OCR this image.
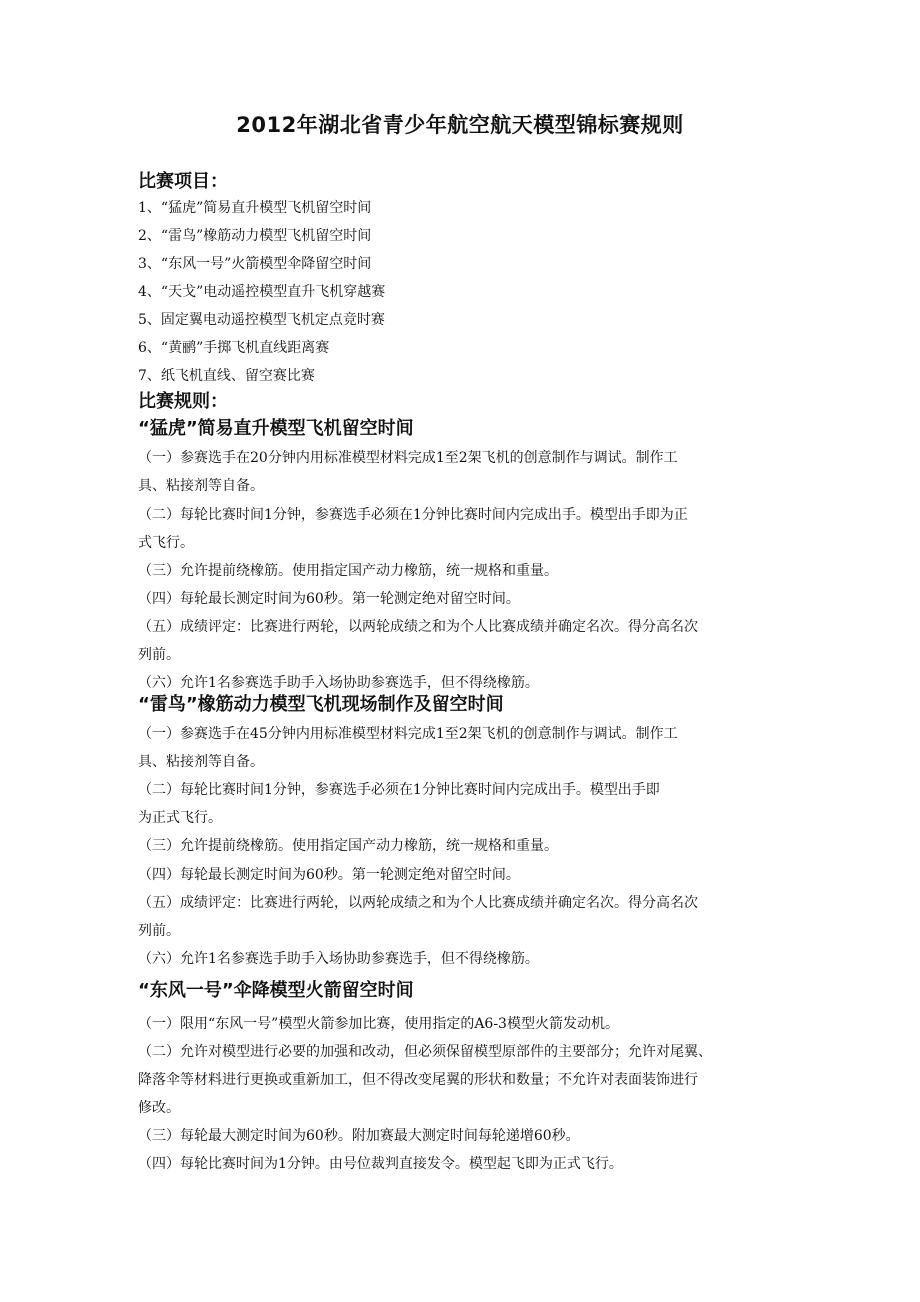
2012年湖北省青少年航空航天模型锦标赛规则
比赛项目：
1、“猛虎”简易直升模型飞机留空时间
2、“雷鸟”橡筋动力模型飞机留空时间
3、“东风一号”火箭模型伞降留空时间
4、“天戈”电动遥控模型直升飞机穿越赛
5、固定翼电动遥控模型飞机定点竞时赛
6、“黄鹂”手掷飞机直线距离赛
7、纸飞机直线、留空赛比赛
比赛规则：
“猛虎”简易直升模型飞机留空时间
（一）参赛选手在20分钟内用标准模型材料完成1至2架飞机的创意制作与调试。制作工
具、粘接剂等自备。
（二）每轮比赛时间1分钟，参赛选手必须在1分钟比赛时间内完成出手。模型出手即为正
式飞行。
（三）允许提前绕橡筋。使用指定国产动力橡筋，统一规格和重量。
（四）每轮最长测定时间为60秒。第一轮测定绝对留空时间。
（五）成绩评定：比赛进行两轮，以两轮成绩之和为个人比赛成绩并确定名次。得分高名次
列前。
（六）允许1名参赛选手助手入场协助参赛选手，但不得绕橡筋。
“雷鸟”橡筋动力模型飞机现场制作及留空时间
（一）参赛选手在45分钟内用标准模型材料完成1至2架飞机的创意制作与调试。制作工
具、粘接剂等自备。
（二）每轮比赛时间1分钟，参赛选手必须在1分钟比赛时间内完成出手。模型出手即
为正式飞行。
（三）允许提前绕橡筋。使用指定国产动力橡筋，统一规格和重量。
（四）每轮最长测定时间为60秒。第一轮测定绝对留空时间。
（五）成绩评定：比赛进行两轮，以两轮成绩之和为个人比赛成绩并确定名次。得分高名次
列前。
（六）允许1名参赛选手助手入场协助参赛选手，但不得绕橡筋。
“东风一号”伞降模型火箭留空时间
（一）限用“东风一号”模型火箭参加比赛，使用指定的A6-3模型火箭发动机。
（二）允许对模型进行必要的加强和改动，但必须保留模型原部件的主要部分；允许对尾翼、
降落伞等材料进行更换或重新加工，但不得改变尾翼的形状和数量；不允许对表面装饰进行
修改。
（三）每轮最大测定时间为60秒。附加赛最大测定时间每轮递增60秒。
（四）每轮比赛时间为1分钟。由号位裁判直接发令。模型起飞即为正式飞行。
